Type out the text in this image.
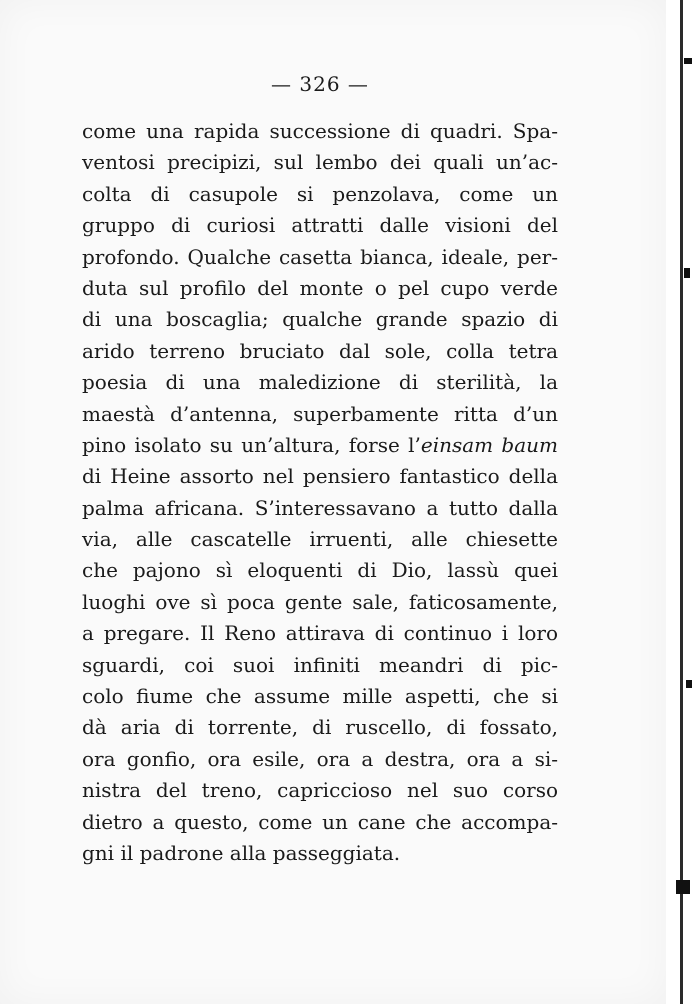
— 326 —
come una rapida successione di quadri. Spa-
ventosi precipizi, sul lembo dei quali un’ac-
colta di casupole si penzolava, come un
gruppo di curiosi attratti dalle visioni del
profondo. Qualche casetta bianca, ideale, per-
duta sul profilo del monte o pel cupo verde
di una boscaglia; qualche grande spazio di
arido terreno bruciato dal sole, colla tetra
poesia di una maledizione di sterilità, la
maestà d’antenna, superbamente ritta d’un
pino isolato su un’altura, forse l’einsam baum
di Heine assorto nel pensiero fantastico della
palma africana. S’interessavano a tutto dalla
via, alle cascatelle irruenti, alle chiesette
che pajono sì eloquenti di Dio, lassù quei
luoghi ove sì poca gente sale, faticosamente,
a pregare. Il Reno attirava di continuo i loro
sguardi, coi suoi infiniti meandri di pic-
colo fiume che assume mille aspetti, che si
dà aria di torrente, di ruscello, di fossato,
ora gonfio, ora esile, ora a destra, ora a si-
nistra del treno, capriccioso nel suo corso
dietro a questo, come un cane che accompa-
gni il padrone alla passeggiata.
